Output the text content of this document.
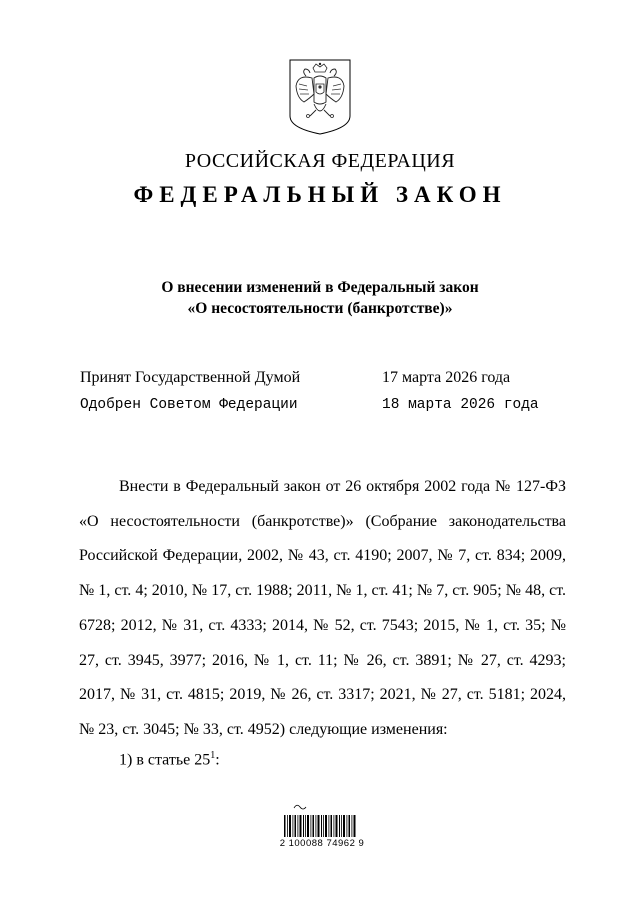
РОССИЙСКАЯ ФЕДЕРАЦИЯ
ФЕДЕРАЛЬНЫЙ ЗАКОН
О внесении изменений в Федеральный закон
«О несостоятельности (банкротстве)»
Принят Государственной Думой	17 марта 2026 года
Одобрен Советом Федерации	18 марта 2026 года

Внести в Федеральный закон от 26 октября 2002 года № 127-ФЗ «О несостоятельности (банкротстве)» (Собрание законодательства Российской Федерации, 2002, № 43, ст. 4190; 2007, № 7, ст. 834; 2009, № 1, ст. 4; 2010, № 17, ст. 1988; 2011, № 1, ст. 41; № 7, ст. 905; № 48, ст. 6728; 2012, № 31, ст. 4333; 2014, № 52, ст. 7543; 2015, № 1, ст. 35; № 27, ст. 3945, 3977; 2016, № 1, ст. 11; № 26, ст. 3891; № 27, ст. 4293; 2017, № 31, ст. 4815; 2019, № 26, ст. 3317; 2021, № 27, ст. 5181; 2024, № 23, ст. 3045; № 33, ст. 4952) следующие изменения:

1) в статье $25^1$:
2 100088 74962 9
